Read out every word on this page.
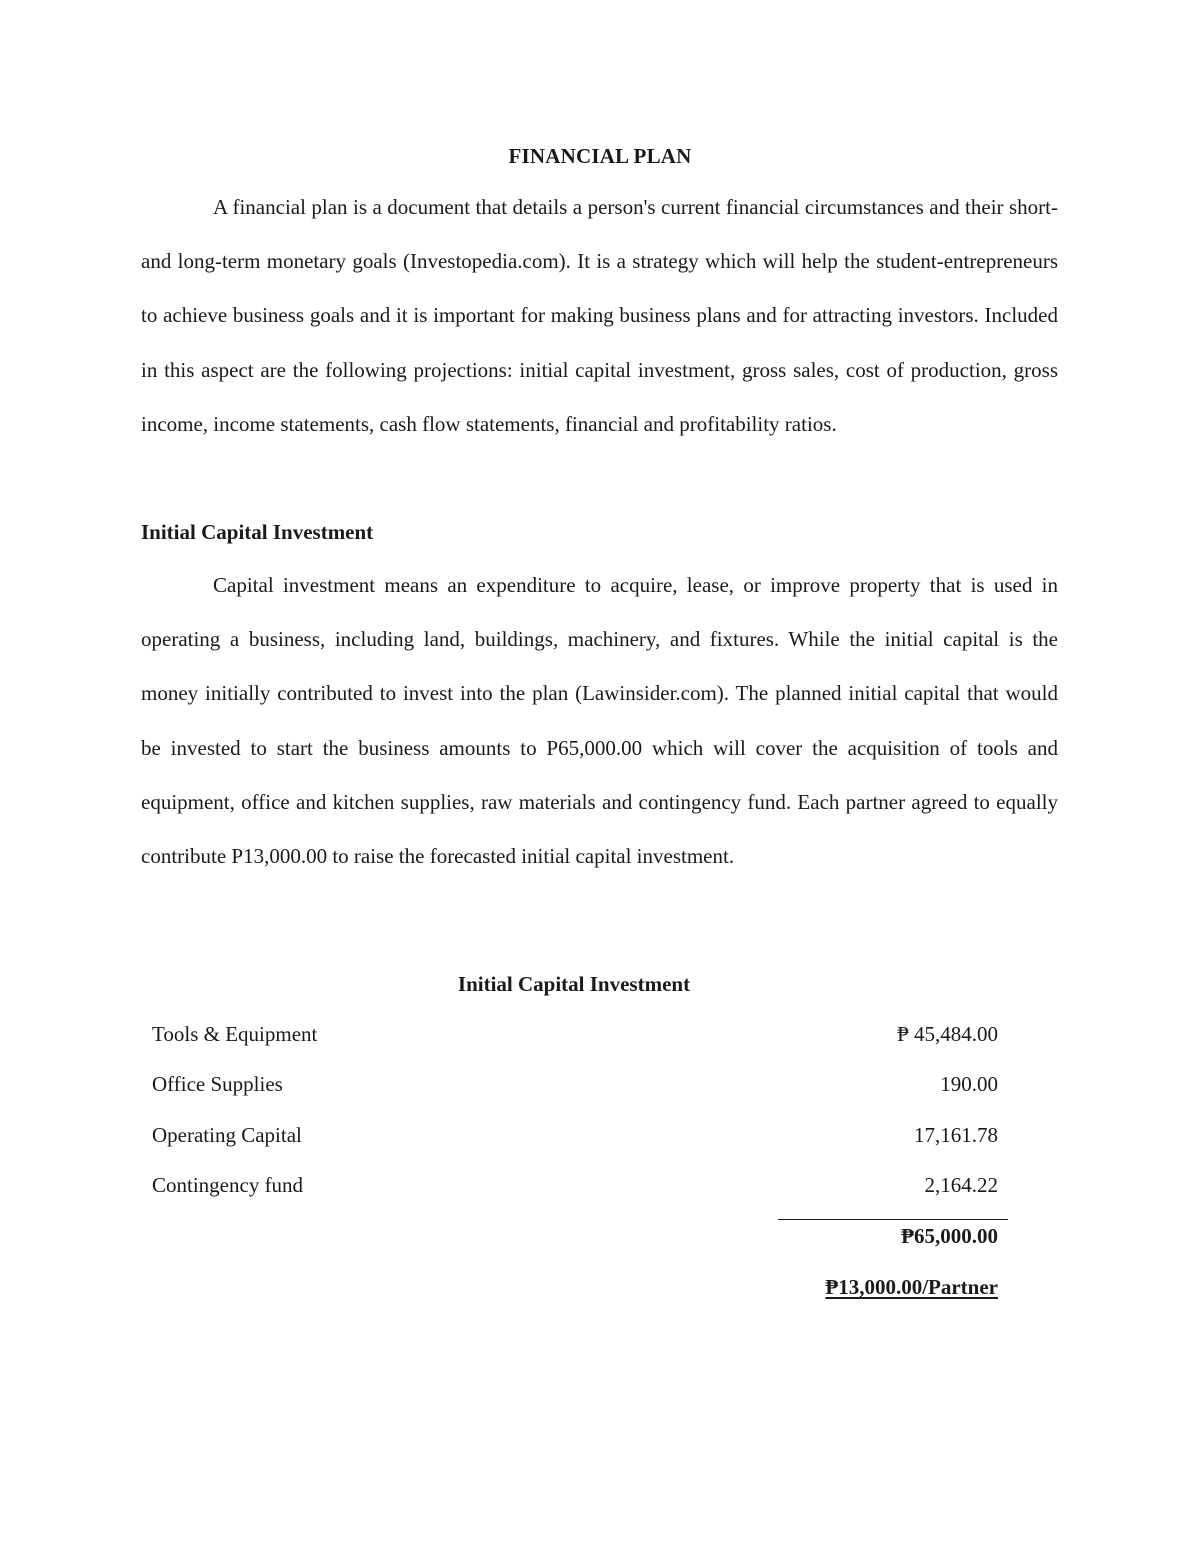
FINANCIAL PLAN

A financial plan is a document that details a person's current financial circumstances and their short- and long-term monetary goals (Investopedia.com). It is a strategy which will help the student-entrepreneurs to achieve business goals and it is important for making business plans and for attracting investors. Included in this aspect are the following projections: initial capital investment, gross sales, cost of production, gross income, income statements, cash flow statements, financial and profitability ratios.

Initial Capital Investment

Capital investment means an expenditure to acquire, lease, or improve property that is used in operating a business, including land, buildings, machinery, and fixtures. While the initial capital is the money initially contributed to invest into the plan (Lawinsider.com). The planned initial capital that would be invested to start the business amounts to P65,000.00 which will cover the acquisition of tools and equipment, office and kitchen supplies, raw materials and contingency fund. Each partner agreed to equally contribute P13,000.00 to raise the forecasted initial capital investment.

Initial Capital Investment
Tools & Equipment	₱ 45,484.00
Office Supplies	190.00
Operating Capital	17,161.78
Contingency fund	2,164.22
₱65,000.00
₱13,000.00/Partner
